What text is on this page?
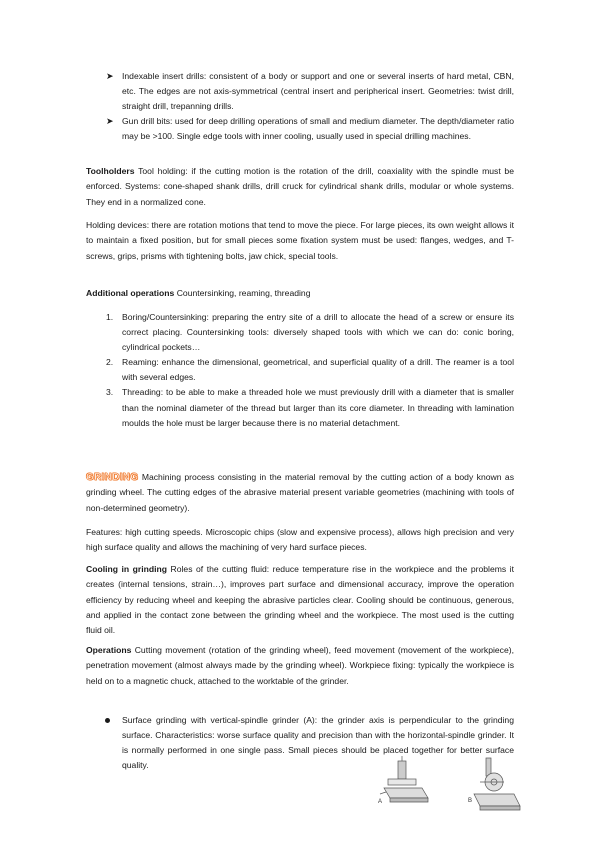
➤ Indexable insert drills: consistent of a body or support and one or several inserts of hard metal, CBN, etc. The edges are not axis-symmetrical (central insert and peripherical insert. Geometries: twist drill, straight drill, trepanning drills.
➤ Gun drill bits: used for deep drilling operations of small and medium diameter. The depth/diameter ratio may be >100. Single edge tools with inner cooling, usually used in special drilling machines.

Toolholders Tool holding: if the cutting motion is the rotation of the drill, coaxiality with the spindle must be enforced. Systems: cone-shaped shank drills, drill cruck for cylindrical shank drills, modular or whole systems. They end in a normalized cone.

Holding devices: there are rotation motions that tend to move the piece. For large pieces, its own weight allows it to maintain a fixed position, but for small pieces some fixation system must be used: flanges, wedges, and T-screws, grips, prisms with tightening bolts, jaw chick, special tools.

Additional operations Countersinking, reaming, threading

1. Boring/Countersinking: preparing the entry site of a drill to allocate the head of a screw or ensure its correct placing. Countersinking tools: diversely shaped tools with which we can do: conic boring, cylindrical pockets…
2. Reaming: enhance the dimensional, geometrical, and superficial quality of a drill. The reamer is a tool with several edges.
3. Threading: to be able to make a threaded hole we must previously drill with a diameter that is smaller than the nominal diameter of the thread but larger than its core diameter. In threading with lamination moulds the hole must be larger because there is no material detachment.

GRINDING Machining process consisting in the material removal by the cutting action of a body known as grinding wheel. The cutting edges of the abrasive material present variable geometries (machining with tools of non-determined geometry).

Features: high cutting speeds. Microscopic chips (slow and expensive process), allows high precision and very high surface quality and allows the machining of very hard surface pieces.

Cooling in grinding Roles of the cutting fluid: reduce temperature rise in the workpiece and the problems it creates (internal tensions, strain…), improves part surface and dimensional accuracy, improve the operation efficiency by reducing wheel and keeping the abrasive particles clear. Cooling should be continuous, generous, and applied in the contact zone between the grinding wheel and the workpiece. The most used is the cutting fluid oil.

Operations Cutting movement (rotation of the grinding wheel), feed movement (movement of the workpiece), penetration movement (almost always made by the grinding wheel). Workpiece fixing: typically the workpiece is held on to a magnetic chuck, attached to the worktable of the grinder.

Surface grinding with vertical-spindle grinder (A): the grinder axis is perpendicular to the grinding surface. Characteristics: worse surface quality and precision than with the horizontal-spindle grinder. It is normally performed in one single pass. Small pieces should be placed together for better surface quality.
A	B
